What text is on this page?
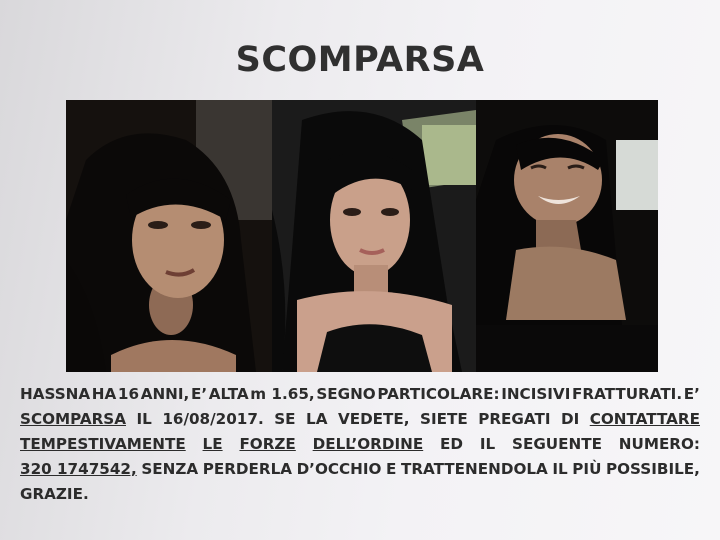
SCOMPARSA
HASSNA HA 16 ANNI, E’ ALTA m 1.65, SEGNO PARTICOLARE: INCISIVI FRATTURATI. E’
SCOMPARSA IL 16/08/2017. SE LA VEDETE, SIETE PREGATI DI CONTATTARE
TEMPESTIVAMENTE LE FORZE DELL’ORDINE ED IL SEGUENTE NUMERO:
320 1747542, SENZA PERDERLA D’OCCHIO E TRATTENENDOLA IL PIÙ POSSIBILE,
GRAZIE.
